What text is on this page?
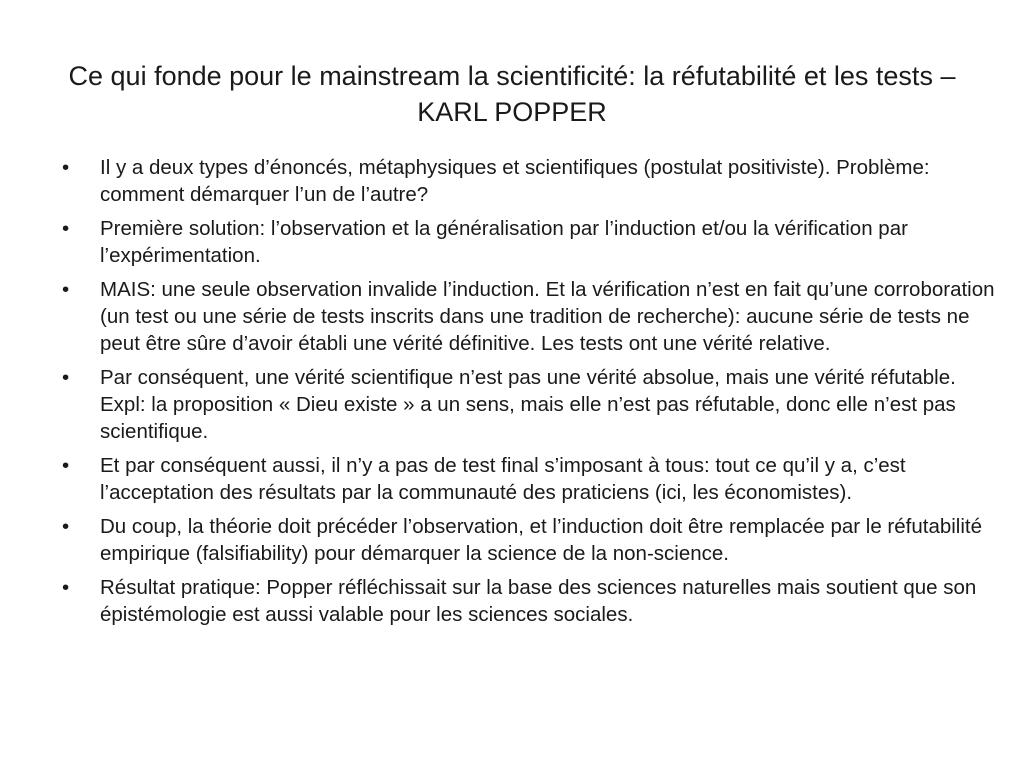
Ce qui fonde pour le mainstream la scientificité: la réfutabilité et les tests – KARL POPPER
•	Il y a deux types d’énoncés, métaphysiques et scientifiques (postulat positiviste). Problème: comment démarquer l’un de l’autre?
•	Première solution: l’observation et la généralisation par l’induction et/ou la vérification par l’expérimentation.
•	MAIS: une seule observation invalide l’induction. Et la vérification n’est en fait qu’une corroboration (un test ou une série de tests inscrits dans une tradition de recherche): aucune série de tests ne peut être sûre d’avoir établi une vérité définitive. Les tests ont une vérité relative.
•	Par conséquent, une vérité scientifique n’est pas une vérité absolue, mais une vérité réfutable. Expl: la proposition « Dieu existe » a un sens, mais elle n’est pas réfutable, donc elle n’est pas scientifique.
•	Et par conséquent aussi, il n’y a pas de test final s’imposant à tous: tout ce qu’il y a, c’est l’acceptation des résultats par la communauté des praticiens (ici, les économistes).
•	Du coup, la théorie doit précéder l’observation, et l’induction doit être remplacée par le réfutabilité empirique (falsifiability) pour démarquer la science de la non-science.
•	Résultat pratique: Popper réfléchissait sur la base des sciences naturelles mais soutient que son épistémologie est aussi valable pour les sciences sociales.
